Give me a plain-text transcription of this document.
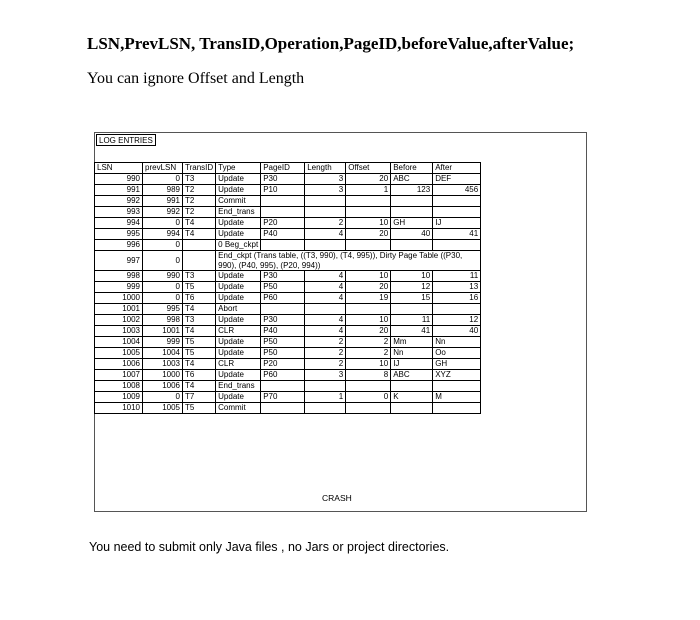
LSN,PrevLSN, TransID,Operation,PageID,beforeValue,afterValue;
You can ignore Offset and Length
LOG ENTRIES
LSN	prevLSN	TransID	Type	PageID	Length	Offset	Before	After
990	0	T3	Update	P30	3	20	ABC	DEF
991	989	T2	Update	P10	3	1	123	456
992	991	T2	Commit					
993	992	T2	End_trans					
994	0	T4	Update	P20	2	10	GH	IJ
995	994	T4	Update	P40	4	20	40	41
996	0		0 Beg_ckpt					
997	0		End_ckpt (Trans table, ((T3, 990), (T4, 995)), Dirty Page Table ((P30, 990), (P40, 995), (P20, 994))					
998	990	T3	Update	P30	4	10	10	11
999	0	T5	Update	P50	4	20	12	13
1000	0	T6	Update	P60	4	19	15	16
1001	995	T4	Abort					
1002	998	T3	Update	P30	4	10	11	12
1003	1001	T4	CLR	P40	4	20	41	40
1004	999	T5	Update	P50	2	2	Mm	Nn
1005	1004	T5	Update	P50	2	2	Nn	Oo
1006	1003	T4	CLR	P20	2	10	IJ	GH
1007	1000	T6	Update	P60	3	8	ABC	XYZ
1008	1006	T4	End_trans					
1009	0	T7	Update	P70	1	0	K	M
1010	1005	T5	Commit					
CRASH
You need to submit only Java files , no Jars or project directories.
